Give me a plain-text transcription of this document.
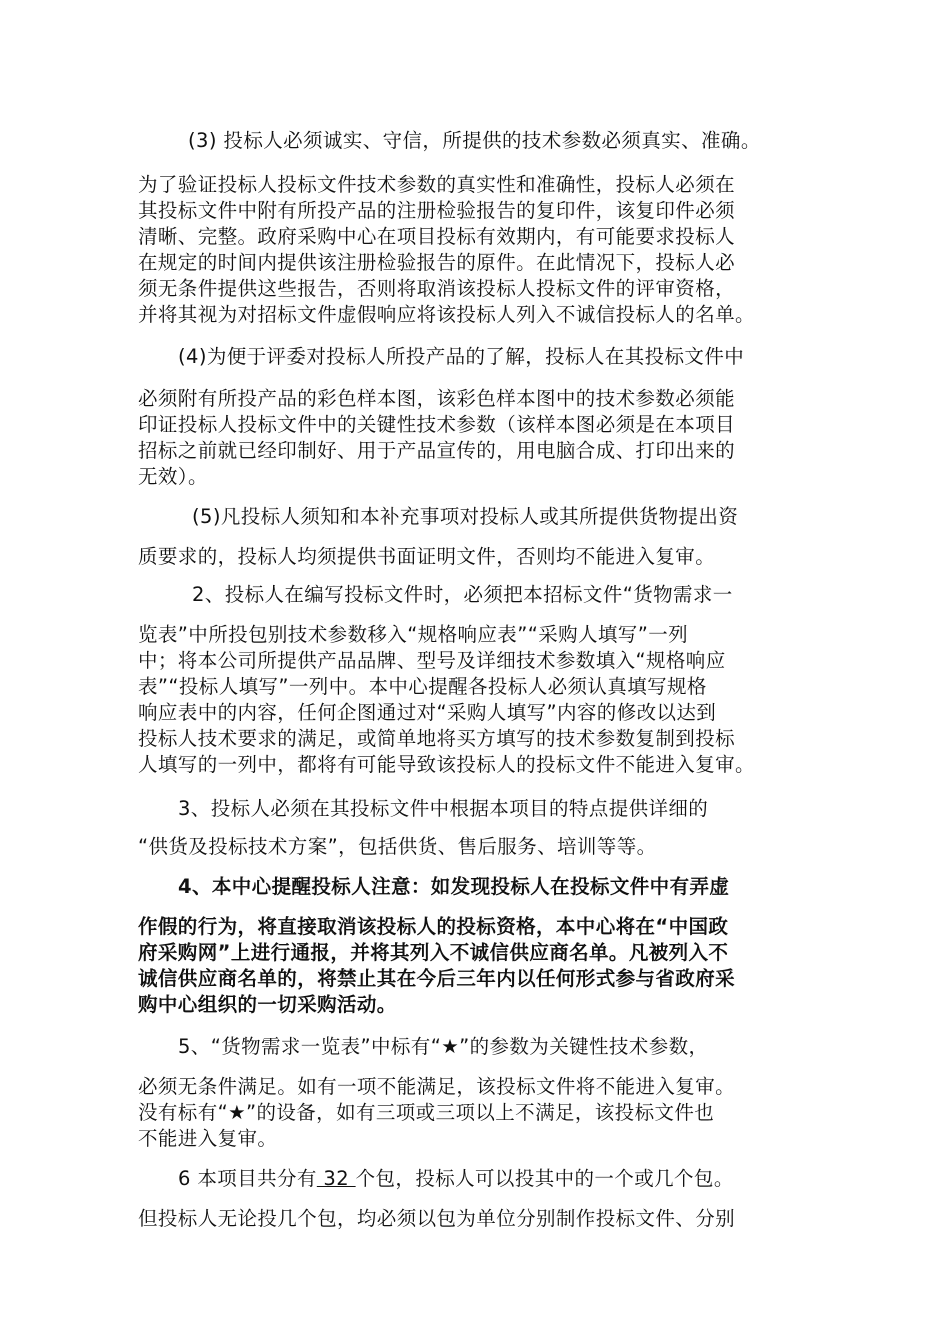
(3) 投标人必须诚实、守信，所提供的技术参数必须真实、准确。
为了验证投标人投标文件技术参数的真实性和准确性，投标人必须在
其投标文件中附有所投产品的注册检验报告的复印件，该复印件必须
清晰、完整。政府采购中心在项目投标有效期内，有可能要求投标人
在规定的时间内提供该注册检验报告的原件。在此情况下，投标人必
须无条件提供这些报告，否则将取消该投标人投标文件的评审资格，
并将其视为对招标文件虚假响应将该投标人列入不诚信投标人的名单。
(4)为便于评委对投标人所投产品的了解，投标人在其投标文件中
必须附有所投产品的彩色样本图，该彩色样本图中的技术参数必须能
印证投标人投标文件中的关键性技术参数（该样本图必须是在本项目
招标之前就已经印制好、用于产品宣传的，用电脑合成、打印出来的
无效）。
(5)凡投标人须知和本补充事项对投标人或其所提供货物提出资
质要求的，投标人均须提供书面证明文件，否则均不能进入复审。
2、投标人在编写投标文件时，必须把本招标文件“货物需求一
览表”中所投包别技术参数移入“规格响应表”“采购人填写”一列
中；将本公司所提供产品品牌、型号及详细技术参数填入“规格响应
表”“投标人填写”一列中。本中心提醒各投标人必须认真填写规格
响应表中的内容，任何企图通过对“采购人填写”内容的修改以达到
投标人技术要求的满足，或简单地将买方填写的技术参数复制到投标
人填写的一列中，都将有可能导致该投标人的投标文件不能进入复审。
3、投标人必须在其投标文件中根据本项目的特点提供详细的
“供货及投标技术方案”，包括供货、售后服务、培训等等。
4、本中心提醒投标人注意：如发现投标人在投标文件中有弄虚
作假的行为，将直接取消该投标人的投标资格，本中心将在“中国政
府采购网”上进行通报，并将其列入不诚信供应商名单。凡被列入不
诚信供应商名单的，将禁止其在今后三年内以任何形式参与省政府采
购中心组织的一切采购活动。
5、“货物需求一览表”中标有“★”的参数为关键性技术参数，
必须无条件满足。如有一项不能满足，该投标文件将不能进入复审。
没有标有“★”的设备，如有三项或三项以上不满足，该投标文件也
不能进入复审。
6 本项目共分有 32 个包，投标人可以投其中的一个或几个包。
但投标人无论投几个包，均必须以包为单位分别制作投标文件、分别
